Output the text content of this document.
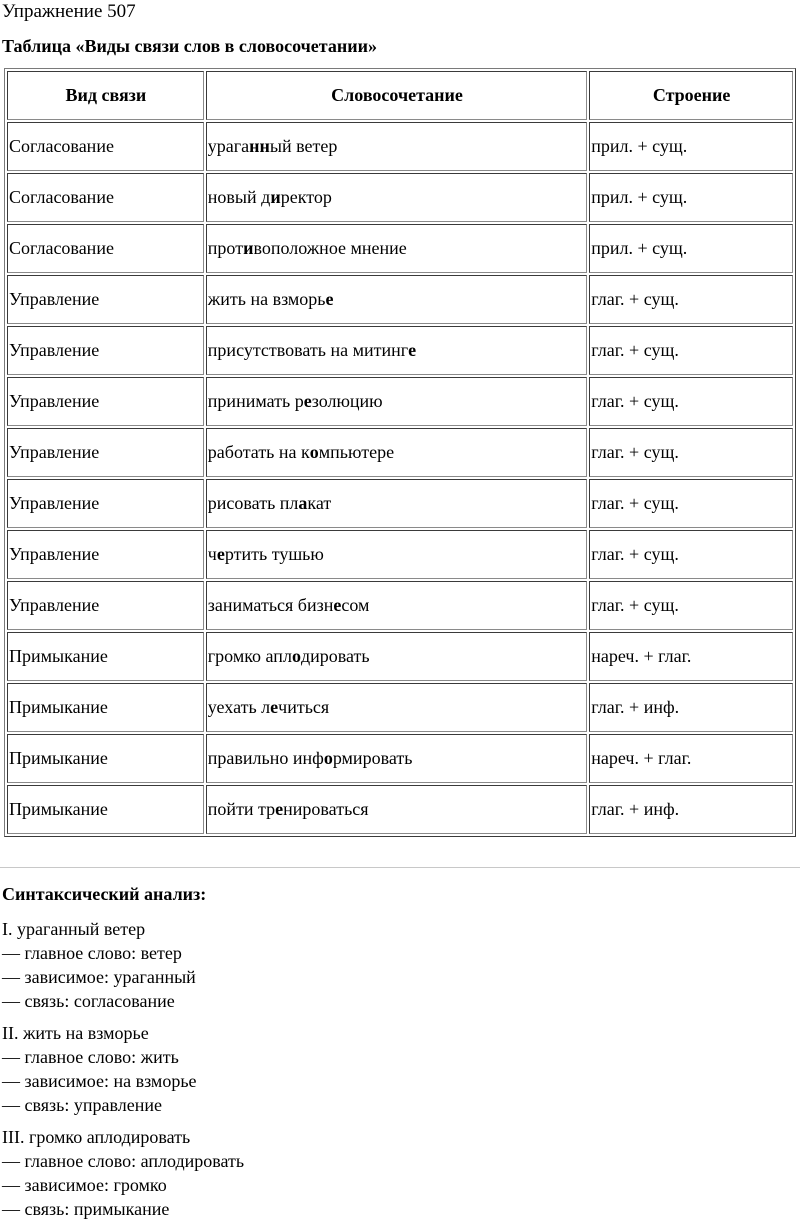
Упражнение 507
Таблица «Виды связи слов в словосочетании»
Вид связи	Словосочетание	Строение
Согласование	ураганный ветер	прил. + сущ.
Согласование	новый директор	прил. + сущ.
Согласование	противоположное мнение	прил. + сущ.
Управление	жить на взморье	глаг. + сущ.
Управление	присутствовать на митинге	глаг. + сущ.
Управление	принимать резолюцию	глаг. + сущ.
Управление	работать на компьютере	глаг. + сущ.
Управление	рисовать плакат	глаг. + сущ.
Управление	чертить тушью	глаг. + сущ.
Управление	заниматься бизнесом	глаг. + сущ.
Примыкание	громко аплодировать	нареч. + глаг.
Примыкание	уехать лечиться	глаг. + инф.
Примыкание	правильно информировать	нареч. + глаг.
Примыкание	пойти тренироваться	глаг. + инф.
Синтаксический анализ:
I. ураганный ветер
— главное слово: ветер
— зависимое: ураганный
— связь: согласование
II. жить на взморье
— главное слово: жить
— зависимое: на взморье
— связь: управление
III. громко аплодировать
— главное слово: аплодировать
— зависимое: громко
— связь: примыкание
